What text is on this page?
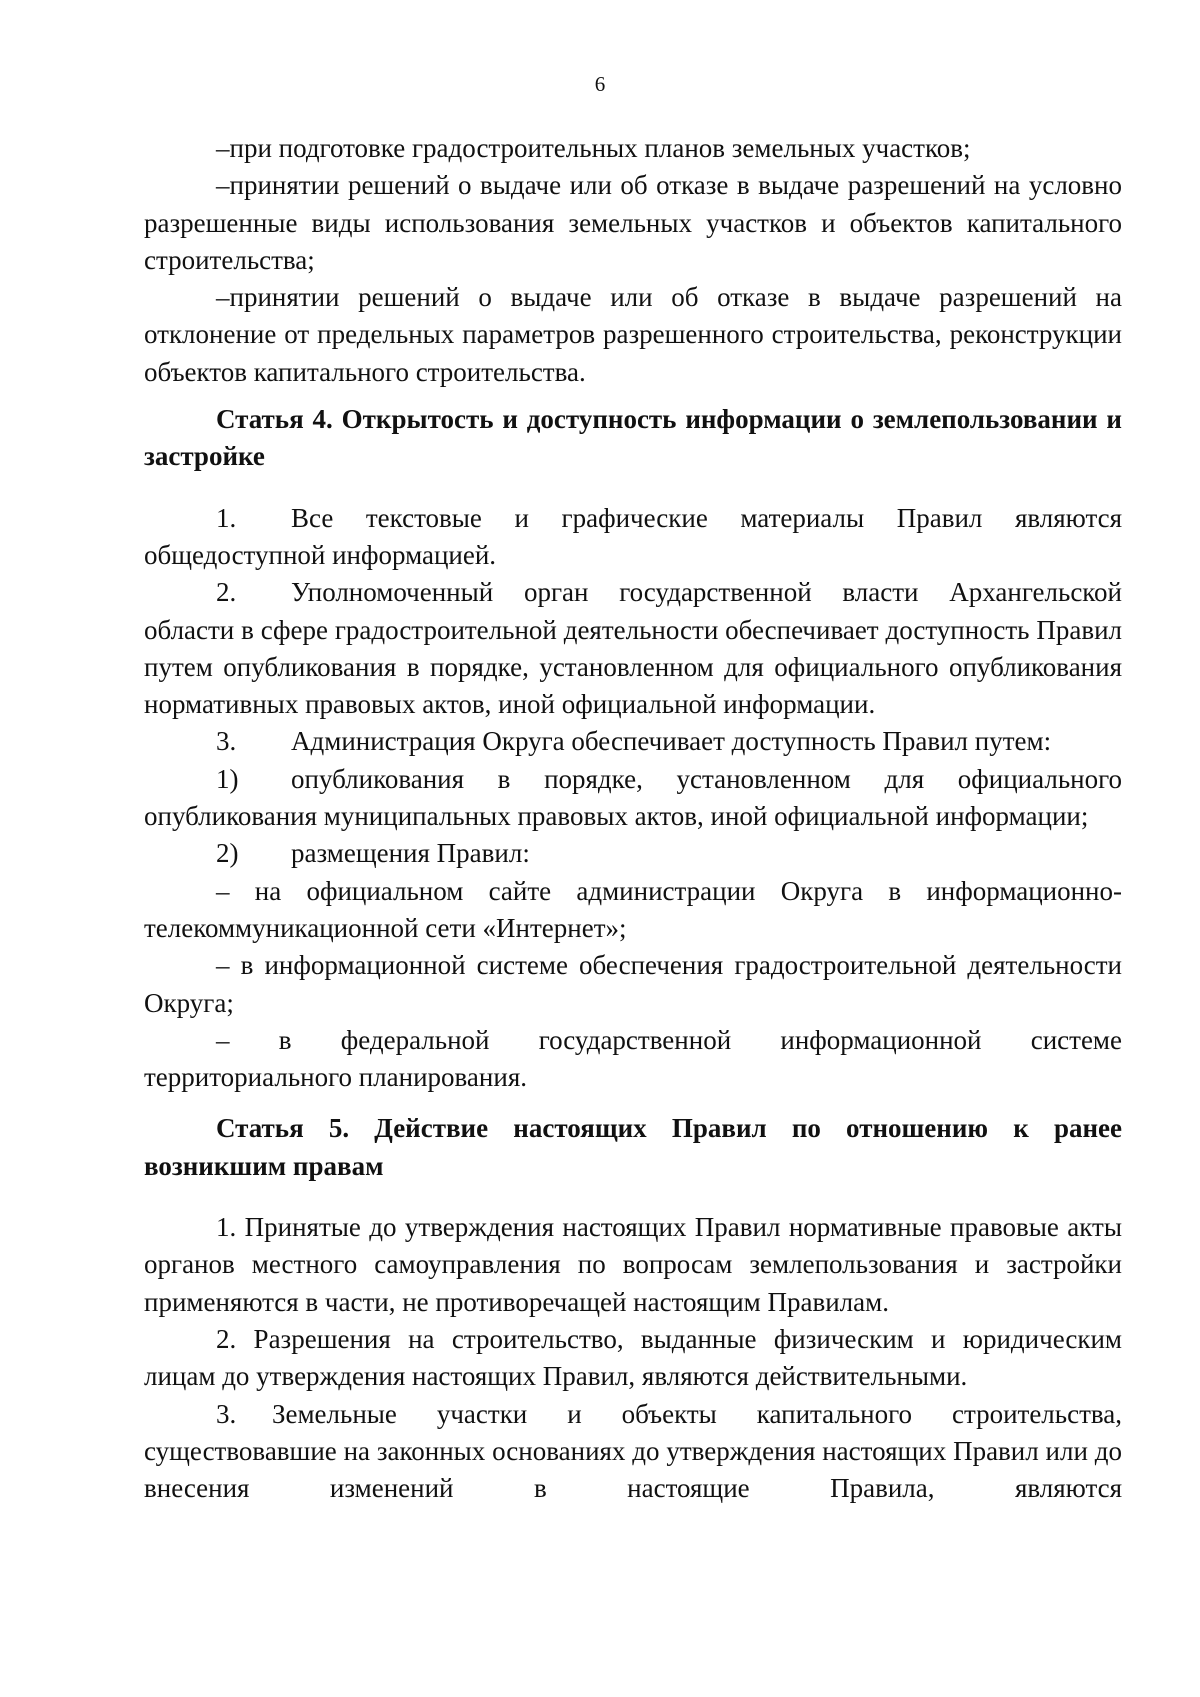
6

–при подготовке градостроительных планов земельных участков;

–принятии решений о выдаче или об отказе в выдаче разрешений на условно разрешенные виды использования земельных участков и объектов капитального строительства;

–принятии решений о выдаче или об отказе в выдаче разрешений на отклонение от предельных параметров разрешенного строительства, реконструкции объектов капитального строительства.

Статья 4. Открытость и доступность информации о землепользовании и застройке

1. Все текстовые и графические материалы Правил являются общедоступной информацией.

2. Уполномоченный орган государственной власти Архангельской области в сфере градостроительной деятельности обеспечивает доступность Правил путем опубликования в порядке, установленном для официального опубликования нормативных правовых актов, иной официальной информации.

3. Администрация Округа обеспечивает доступность Правил путем:

1) опубликования в порядке, установленном для официального опубликования муниципальных правовых актов, иной официальной информации;

2) размещения Правил:

– на официальном сайте администрации Округа в информационно-телекоммуникационной сети «Интернет»;

– в информационной системе обеспечения градостроительной деятельности Округа;

– в федеральной государственной информационной системе территориального планирования.

Статья 5. Действие настоящих Правил по отношению к ранее возникшим правам

1. Принятые до утверждения настоящих Правил нормативные правовые акты органов местного самоуправления по вопросам землепользования и застройки применяются в части, не противоречащей настоящим Правилам.

2. Разрешения на строительство, выданные физическим и юридическим лицам до утверждения настоящих Правил, являются действительными.

3. Земельные участки и объекты капитального строительства, существовавшие на законных основаниях до утверждения настоящих Правил или до внесения изменений в настоящие Правила, являются
